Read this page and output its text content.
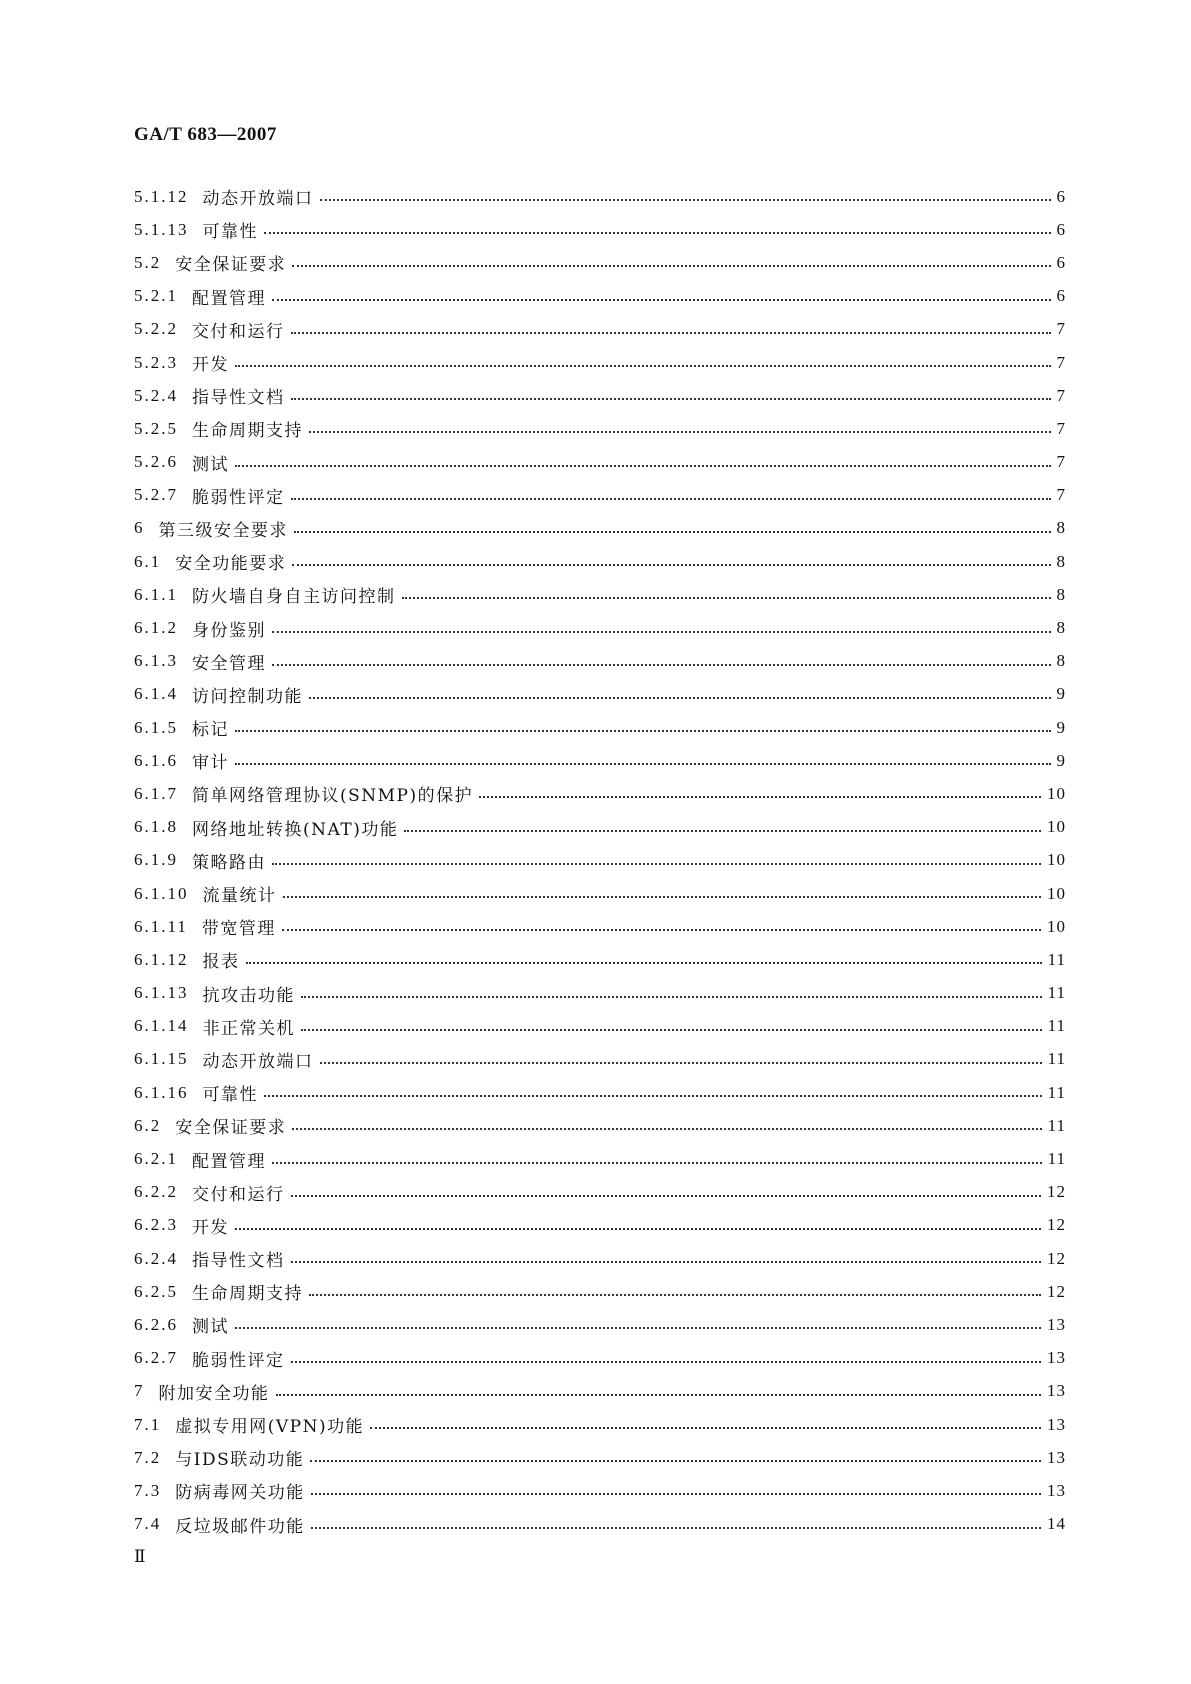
GA/T 683—2007
5.1.12 动态开放端口	6
5.1.13 可靠性	6
5.2 安全保证要求	6
5.2.1 配置管理	6
5.2.2 交付和运行	7
5.2.3 开发	7
5.2.4 指导性文档	7
5.2.5 生命周期支持	7
5.2.6 测试	7
5.2.7 脆弱性评定	7
6 第三级安全要求	8
6.1 安全功能要求	8
6.1.1 防火墙自身自主访问控制	8
6.1.2 身份鉴别	8
6.1.3 安全管理	8
6.1.4 访问控制功能	9
6.1.5 标记	9
6.1.6 审计	9
6.1.7 简单网络管理协议(SNMP)的保护	10
6.1.8 网络地址转换(NAT)功能	10
6.1.9 策略路由	10
6.1.10 流量统计	10
6.1.11 带宽管理	10
6.1.12 报表	11
6.1.13 抗攻击功能	11
6.1.14 非正常关机	11
6.1.15 动态开放端口	11
6.1.16 可靠性	11
6.2 安全保证要求	11
6.2.1 配置管理	11
6.2.2 交付和运行	12
6.2.3 开发	12
6.2.4 指导性文档	12
6.2.5 生命周期支持	12
6.2.6 测试	13
6.2.7 脆弱性评定	13
7 附加安全功能	13
7.1 虚拟专用网(VPN)功能	13
7.2 与IDS联动功能	13
7.3 防病毒网关功能	13
7.4 反垃圾邮件功能	14
Ⅱ
